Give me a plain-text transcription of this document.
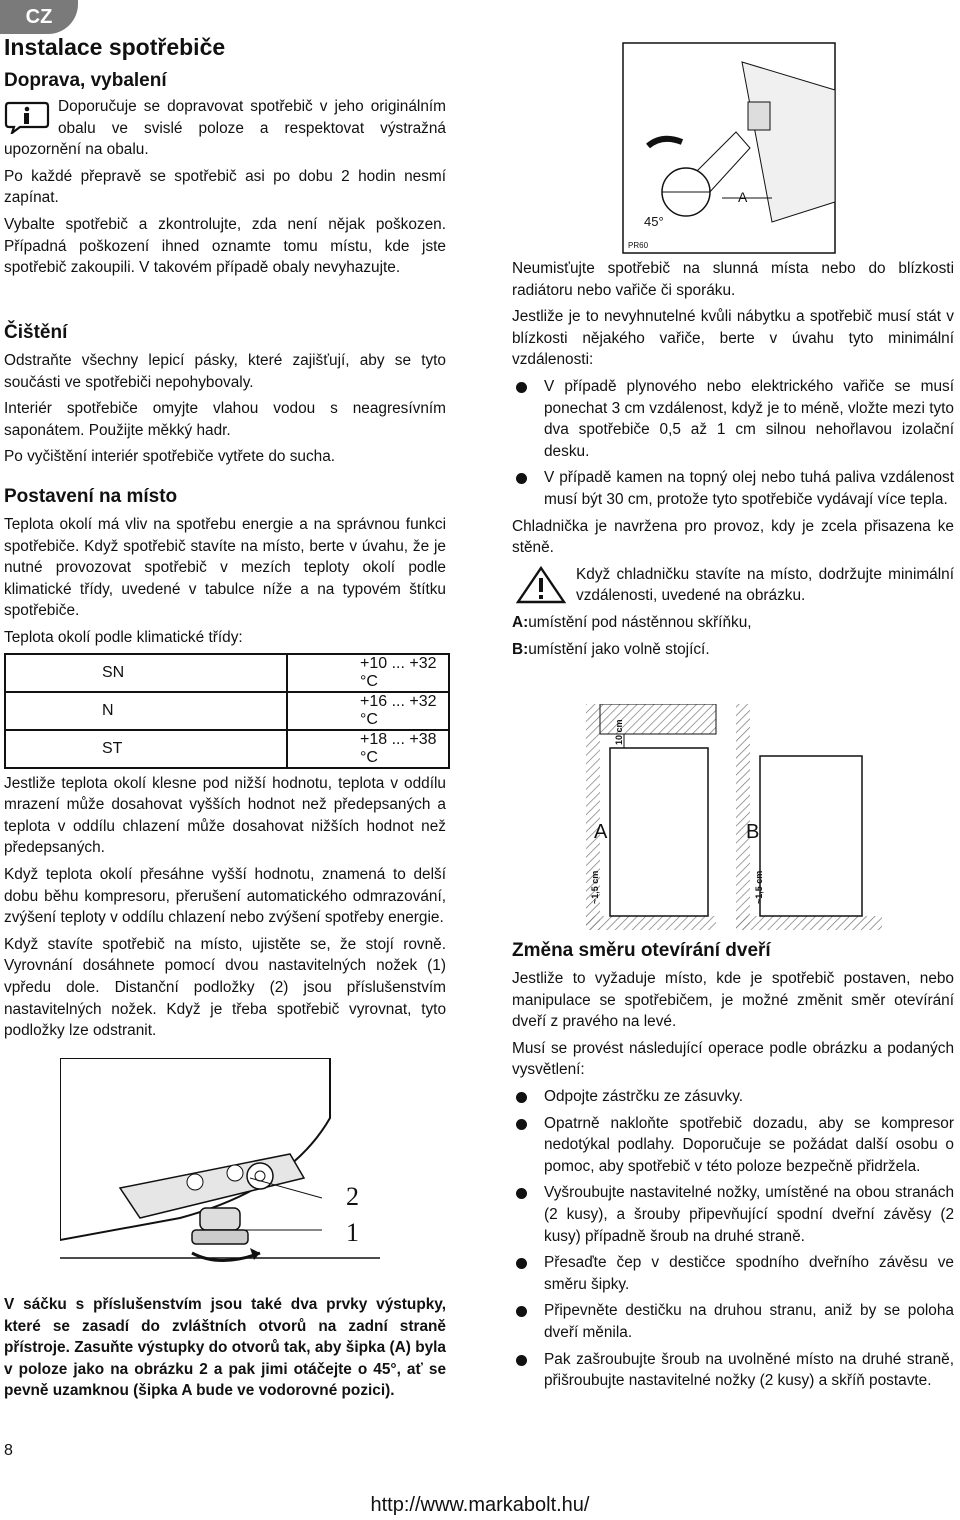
CZ
Instalace spotřebiče
Doprava, vybalení
Doporučuje se dopravovat spotřebič v jeho originálním obalu ve svislé poloze a respektovat výstražná upozornění na obalu.
Po každé přepravě se spotřebič asi po dobu 2 hodin nesmí zapínat.
Vybalte spotřebič a zkontrolujte, zda není nějak poškozen. Případná poškození ihned oznamte tomu místu, kde jste spotřebič zakoupili. V takovém případě obaly nevyhazujte.
Čištění
Odstraňte všechny lepicí pásky, které zajišťují, aby se tyto součásti ve spotřebiči nepohybovaly.
Interiér spotřebiče omyjte vlahou vodou s neagresívním saponátem. Použijte měkký hadr.
Po vyčištění interiér spotřebiče vytřete do sucha.
Postavení na místo
Teplota okolí má vliv na spotřebu energie a na správnou funkci spotřebiče. Když spotřebič stavíte na místo, berte v úvahu, že je nutné provozovat spotřebič v mezích teploty okolí podle klimatické třídy, uvedené v tabulce níže a na typovém štítku spotřebiče.
Teplota okolí podle klimatické třídy:
SN	+10 ... +32 °C
N	+16 ... +32 °C
ST	+18 ... +38 °C
Jestliže teplota okolí klesne pod nižší hodnotu, teplota v oddílu mrazení může dosahovat vyšších hodnot než předepsaných a teplota v oddílu chlazení může dosahovat nižších hodnot než předepsaných.
Když teplota okolí přesáhne vyšší hodnotu, znamená to delší dobu běhu kompresoru, přerušení automatického odmrazování, zvýšení teploty v oddílu chlazení nebo zvýšení spotřeby energie.
Když stavíte spotřebič na místo, ujistěte se, že stojí rovně. Vyrovnání dosáhnete pomocí dvou nastavitelných nožek (1) vpředu dole. Distanční podložky (2) jsou příslušenstvím nastavitelných nožek. Když je třeba spotřebič vyrovnat, tyto podložky lze odstranit.
2
1
V sáčku s příslušenstvím jsou také dva prvky výstupky, které se zasadí do zvláštních otvorů na zadní straně přístroje. Zasuňte výstupky do otvorů tak, aby šipka (A) byla v poloze jako na obrázku 2 a pak jimi otáčejte o 45°, ať se pevně uzamknou (šipka A bude ve vodorovné pozici).
8
A
45°
PR60
Neumisťujte spotřebič na slunná místa nebo do blízkosti radiátoru nebo vařiče či sporáku.
Jestliže je to nevyhnutelné kvůli nábytku a spotřebič musí stát v blízkosti nějakého vařiče, berte v úvahu tyto minimální vzdálenosti:
V případě plynového nebo elektrického vařiče se musí ponechat 3 cm vzdálenost, když je to méně, vložte mezi tyto dva spotřebiče 0,5 až 1 cm silnou nehořlavou izolační desku.
V případě kamen na topný olej nebo tuhá paliva vzdálenost musí být 30 cm, protože tyto spotřebiče vydávají více tepla.
Chladnička je navržena pro provoz, kdy je zcela přisazena ke stěně.
Když chladničku stavíte na místo, dodržujte minimální vzdálenosti, uvedené na obrázku.
A:umístění pod nástěnnou skříňku,
B:umístění jako volně stojící.
10 cm
~1,5 cm
A
~1,5 cm
B
Změna směru otevírání dveří
Jestliže to vyžaduje místo, kde je spotřebič postaven, nebo manipulace se spotřebičem, je možné změnit směr otevírání dveří z pravého na levé.
Musí se provést následující operace podle obrázku a podaných vysvětlení:
Odpojte zástrčku ze zásuvky.
Opatrně nakloňte spotřebič dozadu, aby se kompresor nedotýkal podlahy. Doporučuje se požádat další osobu o pomoc, aby spotřebič v této poloze bezpečně přidržela.
Vyšroubujte nastavitelné nožky, umístěné na obou stranách (2 kusy), a šrouby připevňující spodní dveřní závěsy (2 kusy) případně šroub na druhé straně.
Přesaďte čep v destičce spodního dveřního závěsu ve směru šipky.
Připevněte destičku na druhou stranu, aniž by se poloha dveří měnila.
Pak zašroubujte šroub na uvolněné místo na druhé straně, přišroubujte nastavitelné nožky (2 kusy) a skříň postavte.
http://www.markabolt.hu/
